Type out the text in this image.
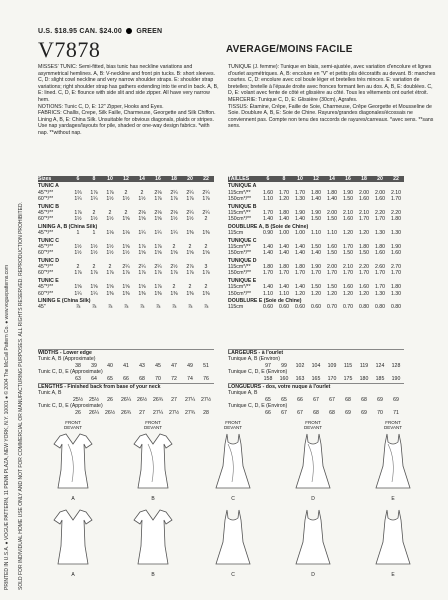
PRINTED IN U.S.A. ● VOGUE PATTERN, 11 PENN PLAZA, NEW YORK, N.Y. 10001 ● © 2004 The McCall Pattern Co. ● www.voguepatterns.com SOLD FOR INDIVIDUAL HOME USE ONLY AND NOT FOR COMMERCIAL OR MANUFACTURING PURPOSES. ALL RIGHTS RESERVED. REPRODUCTION PROHIBITED.
U.S. $18.95 CAN. $24.00 GREEN
V7878	AVERAGE/MOINS FACILE

MISSES' TUNIC: Semi-fitted, bias tunic has neckline variations and asymmetrical hemlines. A, B: V-neckline and front pin tucks. B: short sleeves. C, D: slight cowl neckline and very narrow shoulder straps. E: shoulder strap variations; right shoulder strap has gathers extending into tie end in back. A, B, E: lined. C, D, E: flounce with side slit and side zipper. All have very narrow hem.

NOTIONS: Tunic C, D, E: 12" Zipper, Hooks and Eyes.

FABRICS: Challis, Crepe, Silk Faille, Charmeuse, Georgette and Silk Chiffon. Lining A, B, E: China Silk. Unsuitable for obvious diagonals, plaids or stripes. Use nap yardages/layouts for pile, shaded or one-way design fabrics. *with nap. **without nap.

TUNIQUE (J. femme): Tunique en biais, semi-ajustée, avec variation d'encolure et lignes d'ourlet asymétriques. A, B: encolure en "V" et petits plis décoratifs au devant. B: manches courtes. C, D: encolure avec col boule léger et bretelles très minces. E: variation de bretelles; bretelle à l'épaule droite avec fronces formant lien au dos. A, B, E: doublées. C, D, E: volant avec fente de côté et glissière au côté. Tous les vêtements ont ourlet étroit.

MERCERIE: Tunique C, D, E: Glissière (30cm), Agrafes.

TISSUS: Étamine, Crêpe, Faille de Soie, Charmeuse, Crêpe Georgette et Mousseline de Soie. Doublure A, B, E: Soie de Chine. Rayures/grandes diagonales/écossais ne conviennent pas. Compte non tenu des raccords de rayures/carreaux. *avec sens. **sans sens.

Sizes	6	8	10	12	14	16	18	20	22
TUNIC A
45"*/**	1⅔	1⅞	1⅞	2	2	2⅛	2¼	2¼	2¼
60"*/**	1¼	1¼	1½	1½	1½	1⅞	1⅞	1⅞	1⅞
TUNIC B
45"*/**	1⅞	2	2	2	2⅛	2⅛	2⅛	2¼	2¼
60"*/**	1½	1½	1½	1⅝	1⅝	1⅝	1½	1½	2
LINING A, B (China Silk)
45"*/**	1	1	1⅛	1⅛	1¼	1¼	1¼	1⅜	1⅜
TUNIC C
45"*/**	1½	1½	1½	1⅝	1⅞	1⅞	2	2	2
60"*/**	1½	1½	1½	1½	1⅝	1⅝	1⅝	1⅝	1⅝
TUNIC D
45"*/**	2	2	2	2¼	2¼	2¼	2½	2⅞	3
60"*/**	1⅞	1⅞	1⅞	1⅞	1⅞	1⅞	1⅞	1⅞	1⅞
TUNIC E
45"*/**	1⅝	1⅝	1⅝	1⅝	1⅝	1⅞	2	2	2
60"*/**	1¼	1¼	1⅜	1⅜	1⅜	1⅜	1⅜	1⅜	1⅜
LINING E (China Silk)
45"	⅞	⅞	⅞	⅞	⅞	⅞	⅞	⅞	⅞
TAILLES	6	8	10	12	14	16	18	20	22
TUNIQUE A
115cm*/**	1.60	1.70	1.70	1.80	1.80	1.90	2.00	2.00	2.10
150cm*/**	1.10	1.20	1.30	1.40	1.40	1.50	1.60	1.60	1.70
TUNIQUE B
115cm*/**	1.70	1.80	1.90	1.90	2.00	2.10	2.10	2.20	2.20
150cm*/**	1.40	1.40	1.40	1.50	1.50	1.60	1.70	1.70	1.80
DOUBLURE A, B (Soie de Chine)
115cm	0.90	1.00	1.00	1.10	1.10	1.20	1.20	1.30	1.30
TUNIQUE C
115cm*/**	1.40	1.40	1.40	1.50	1.60	1.70	1.80	1.80	1.90
150cm*/**	1.40	1.40	1.40	1.40	1.50	1.50	1.50	1.60	1.60
TUNIQUE D
115cm*/**	1.80	1.80	1.80	1.90	2.00	2.10	2.20	2.60	2.70
150cm*/**	1.70	1.70	1.70	1.70	1.70	1.70	1.70	1.70	1.70
TUNIQUE E
115cm*/**	1.40	1.40	1.40	1.50	1.50	1.60	1.60	1.70	1.80
150cm*/**	1.10	1.10	1.20	1.20	1.20	1.20	1.20	1.30	1.30
DOUBLURE E (Soie de Chine)
115cm	0.60	0.60	0.60	0.60	0.70	0.70	0.80	0.80	0.80
WIDTHS - Lower edge
Tunic A, B (Approximate)
38	39	40	41	43	45	47	49	51
Tunic C, D, E (Approximate)
63	64	65	66	68	70	72	74	76
LENGTHS - Finished back from base of your neck
Tunic A, B
25½	25½	26	26¼	26½	26¾	27	27¼	27½
Tunic C, D, E (Approximate)
26	26¼	26½	26¾	27	27¼	27½	27¾	28
LARGEURS - à l'ourlet
Tunique A, B (Environ)
97	99	102	104	109	115	119	124	128
Tunique C, D, E (Environ)
158	160	163	165	170	175	180	185	190
LONGUEURS - dos, votre nuque à l'ourlet
Tunique A, B
65	65	66	67	67	68	68	69	69
Tunique C, D, E (Environ)
66	67	67	68	68	69	69	70	71
FRONT
DEVANT
A
FRONT
DEVANT
B
FRONT
DEVANT
C
FRONT
DEVANT
D
FRONT
DEVANT
E
A	B	C	D	E
